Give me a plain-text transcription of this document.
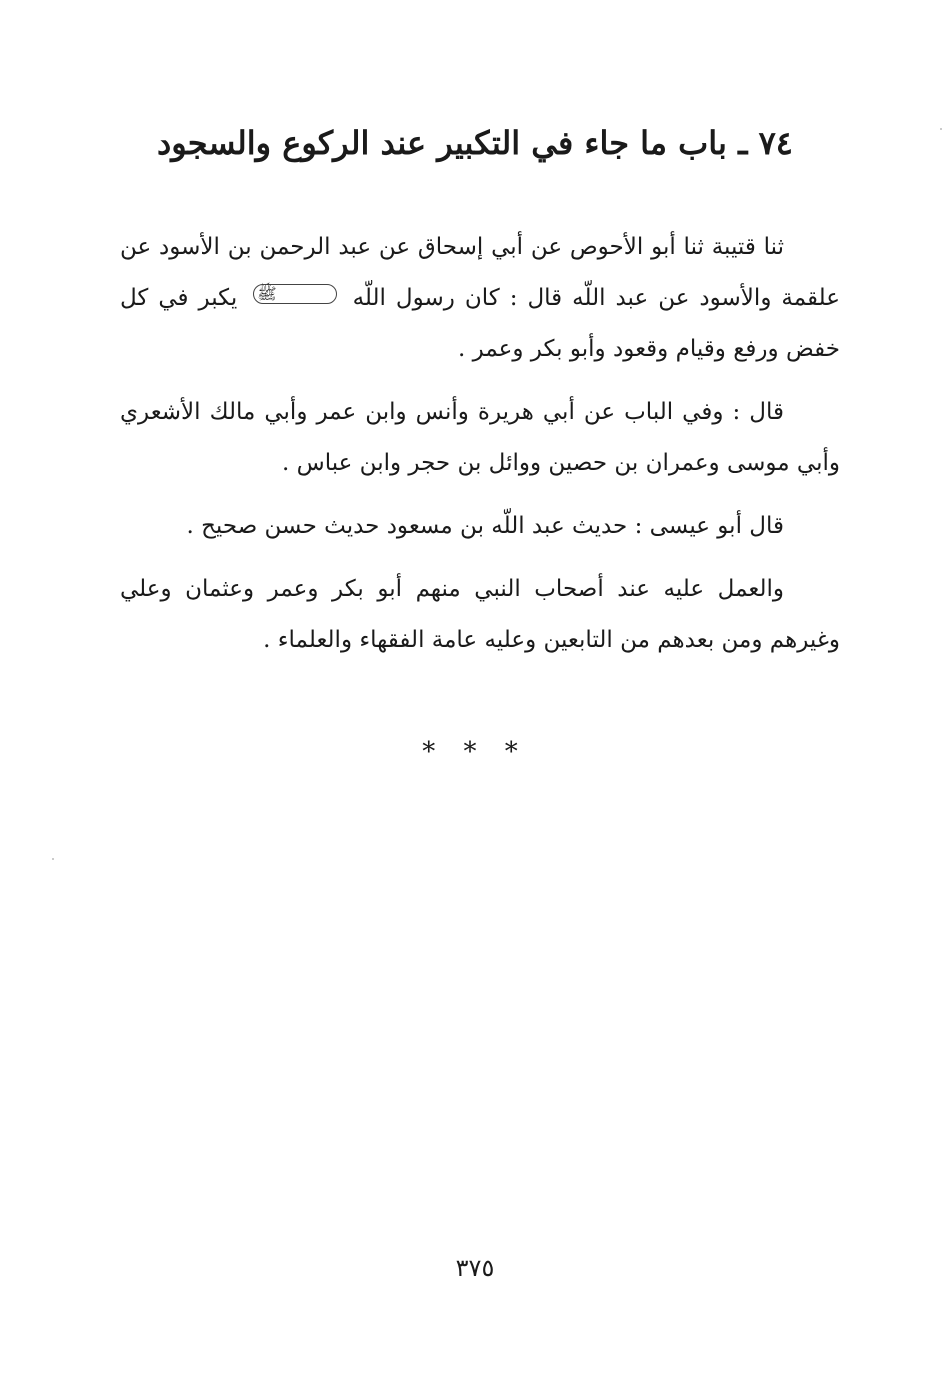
٧٤ ـ باب ما جاء في التكبير عند الركوع والسجود

ثنا قتيبة ثنا أبو الأحوص عن أبي إسحاق عن عبد الرحمن بن الأسود عن علقمة والأسود عن عبد اللّه قال : كان رسول اللّه ﷺ يكبر في كل خفض ورفع وقيام وقعود وأبو بكر وعمر .

قال : وفي الباب عن أبي هريرة وأنس وابن عمر وأبي مالك الأشعري وأبي موسى وعمران بن حصين ووائل بن حجر وابن عباس .

قال أبو عيسى : حديث عبد اللّه بن مسعود حديث حسن صحيح .

والعمل عليه عند أصحاب النبي منهم أبو بكر وعمر وعثمان وعلي وغيرهم ومن بعدهم من التابعين وعليه عامة الفقهاء والعلماء .

* * *
٣٧٥
